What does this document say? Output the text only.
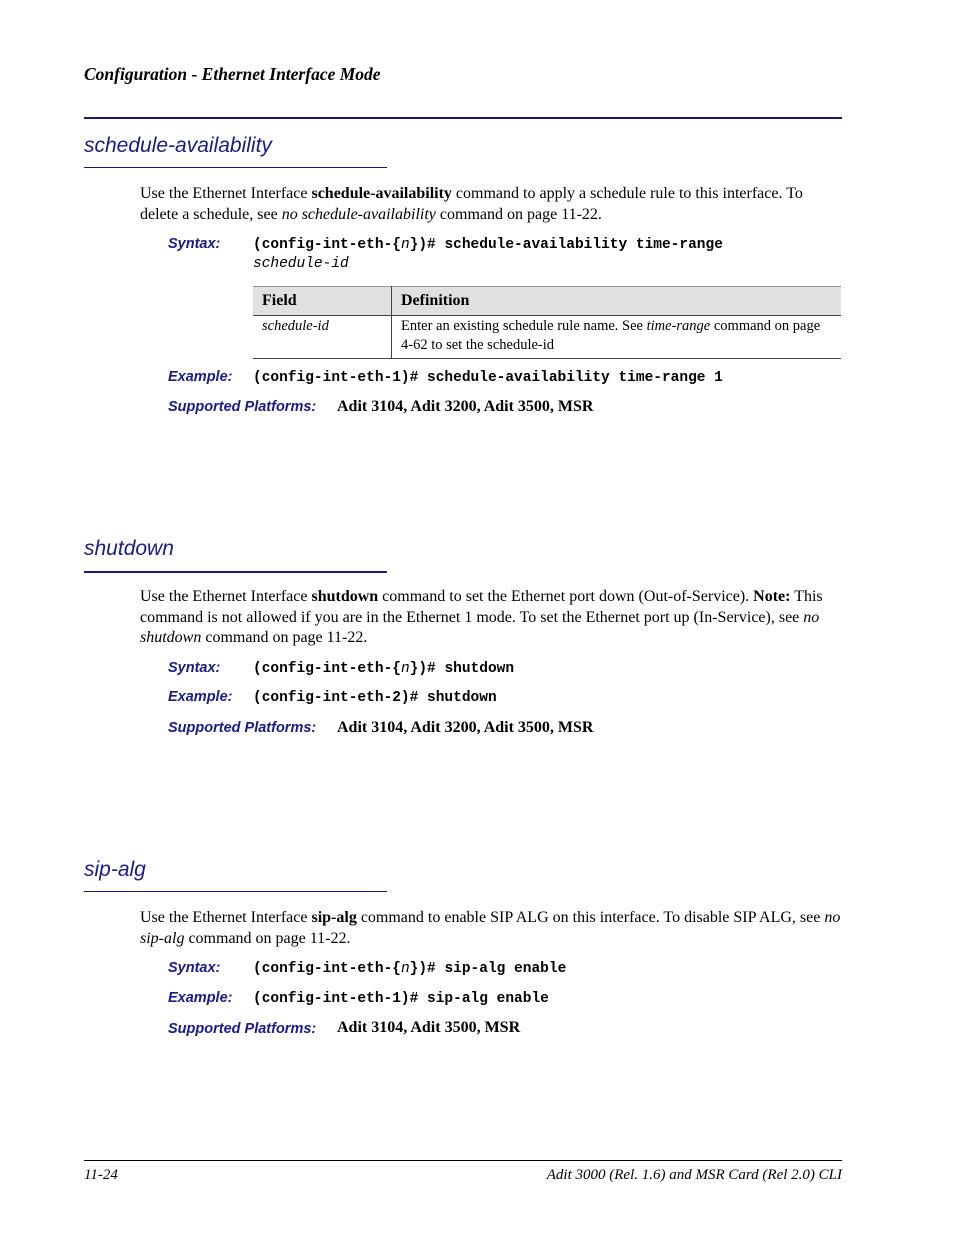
Configuration - Ethernet Interface Mode
schedule-availability
Use the Ethernet Interface schedule-availability command to apply a schedule rule to this interface. To delete a schedule, see no schedule-availability command on page 11-22.
Syntax: (config-int-eth-{n})# schedule-availability time-range
schedule-id
Field	Definition
schedule-id	Enter an existing schedule rule name. See time-range command on page 4-62 to set the schedule-id
Example: (config-int-eth-1)# schedule-availability time-range 1
Supported Platforms: Adit 3104, Adit 3200, Adit 3500, MSR
shutdown
Use the Ethernet Interface shutdown command to set the Ethernet port down (Out-of-Service). Note: This command is not allowed if you are in the Ethernet 1 mode. To set the Ethernet port up (In-Service), see no shutdown command on page 11-22.
Syntax: (config-int-eth-{n})# shutdown
Example: (config-int-eth-2)# shutdown
Supported Platforms: Adit 3104, Adit 3200, Adit 3500, MSR
sip-alg
Use the Ethernet Interface sip-alg command to enable SIP ALG on this interface. To disable SIP ALG, see no sip-alg command on page 11-22.
Syntax: (config-int-eth-{n})# sip-alg enable
Example: (config-int-eth-1)# sip-alg enable
Supported Platforms: Adit 3104, Adit 3500, MSR
11-24	Adit 3000 (Rel. 1.6) and MSR Card (Rel 2.0) CLI
